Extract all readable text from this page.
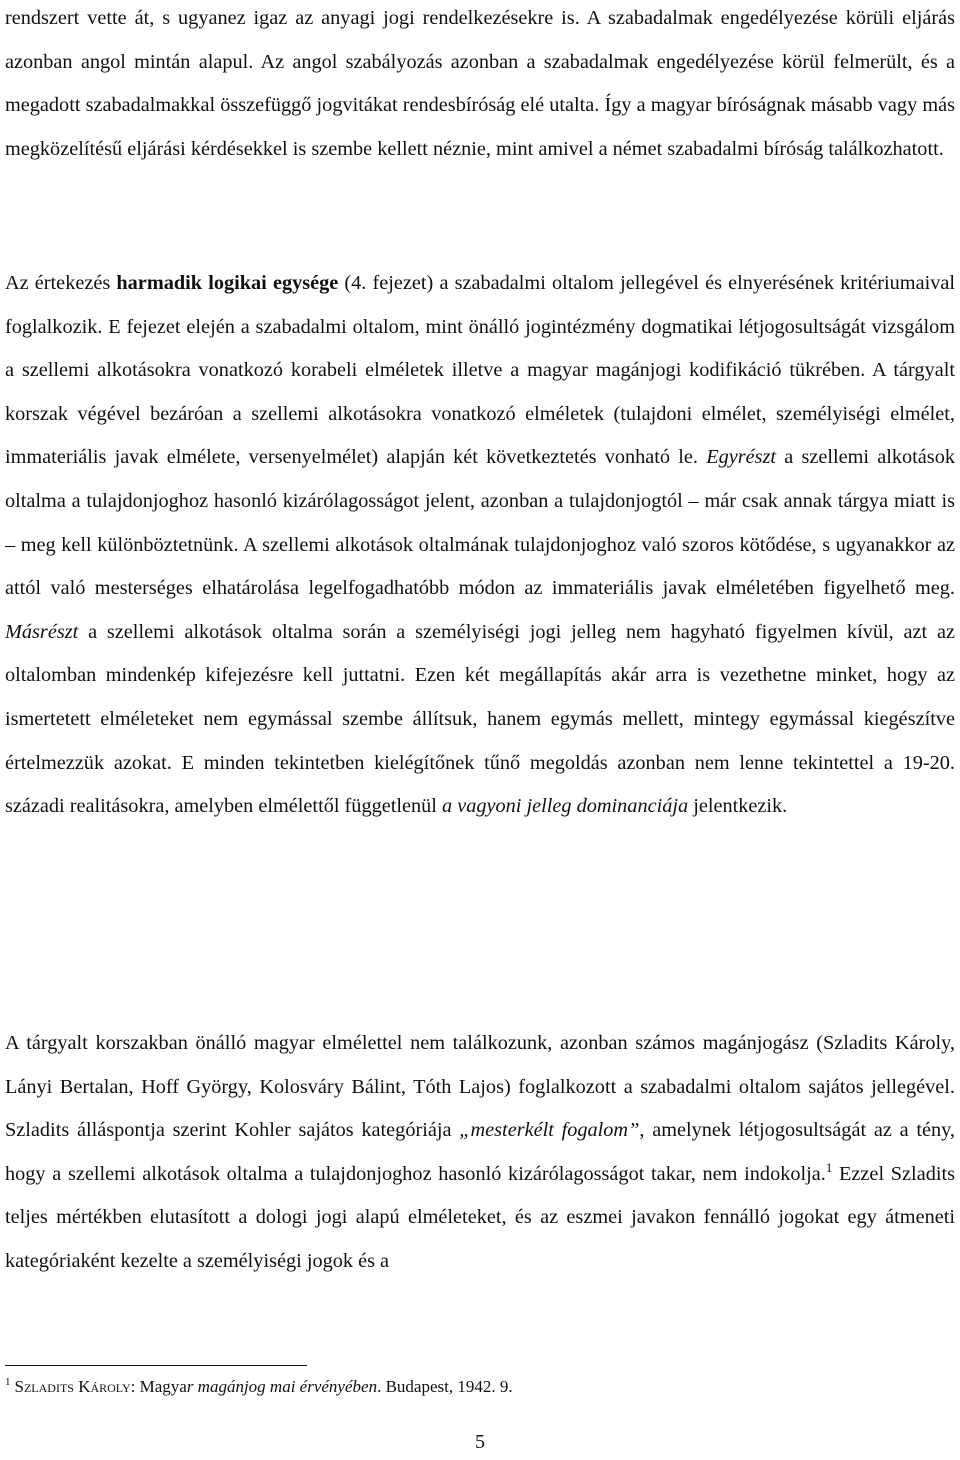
rendszert vette át, s ugyanez igaz az anyagi jogi rendelkezésekre is. A szabadalmak engedélyezése körüli eljárás azonban angol mintán alapul. Az angol szabályozás azonban a szabadalmak engedélyezése körül felmerült, és a megadott szabadalmakkal összefüggő jogvitákat rendesbíróság elé utalta. Így a magyar bíróságnak másabb vagy más megközelítésű eljárási kérdésekkel is szembe kellett néznie, mint amivel a német szabadalmi bíróság találkozhatott.

Az értekezés harmadik logikai egysége (4. fejezet) a szabadalmi oltalom jellegével és elnyerésének kritériumaival foglalkozik. E fejezet elején a szabadalmi oltalom, mint önálló jogintézmény dogmatikai létjogosultságát vizsgálom a szellemi alkotásokra vonatkozó korabeli elméletek illetve a magyar magánjogi kodifikáció tükrében. A tárgyalt korszak végével bezáróan a szellemi alkotásokra vonatkozó elméletek (tulajdoni elmélet, személyiségi elmélet, immateriális javak elmélete, versenyelmélet) alapján két következtetés vonható le. Egyrészt a szellemi alkotások oltalma a tulajdonjoghoz hasonló kizárólagosságot jelent, azonban a tulajdonjogtól – már csak annak tárgya miatt is – meg kell különböztetnünk. A szellemi alkotások oltalmának tulajdonjoghoz való szoros kötődése, s ugyanakkor az attól való mesterséges elhatárolása legelfogadhatóbb módon az immateriális javak elméletében figyelhető meg. Másrészt a szellemi alkotások oltalma során a személyiségi jogi jelleg nem hagyható figyelmen kívül, azt az oltalomban mindenkép kifejezésre kell juttatni. Ezen két megállapítás akár arra is vezethetne minket, hogy az ismertetett elméleteket nem egymással szembe állítsuk, hanem egymás mellett, mintegy egymással kiegészítve értelmezzük azokat. E minden tekintetben kielégítőnek tűnő megoldás azonban nem lenne tekintettel a 19-20. századi realitásokra, amelyben elmélettől függetlenül a vagyoni jelleg dominanciája jelentkezik.

A tárgyalt korszakban önálló magyar elmélettel nem találkozunk, azonban számos magánjogász (Szladits Károly, Lányi Bertalan, Hoff György, Kolosváry Bálint, Tóth Lajos) foglalkozott a szabadalmi oltalom sajátos jellegével. Szladits álláspontja szerint Kohler sajátos kategóriája „mesterkélt fogalom”, amelynek létjogosultságát az a tény, hogy a szellemi alkotások oltalma a tulajdonjoghoz hasonló kizárólagosságot takar, nem indokolja.$^1$ Ezzel Szladits teljes mértékben elutasított a dologi jogi alapú elméleteket, és az eszmei javakon fennálló jogokat egy átmeneti kategóriaként kezelte a személyiségi jogok és a

$^1$ Szladits Károly: Magyar magánjog mai érvényében. Budapest, 1942. 9.

5
